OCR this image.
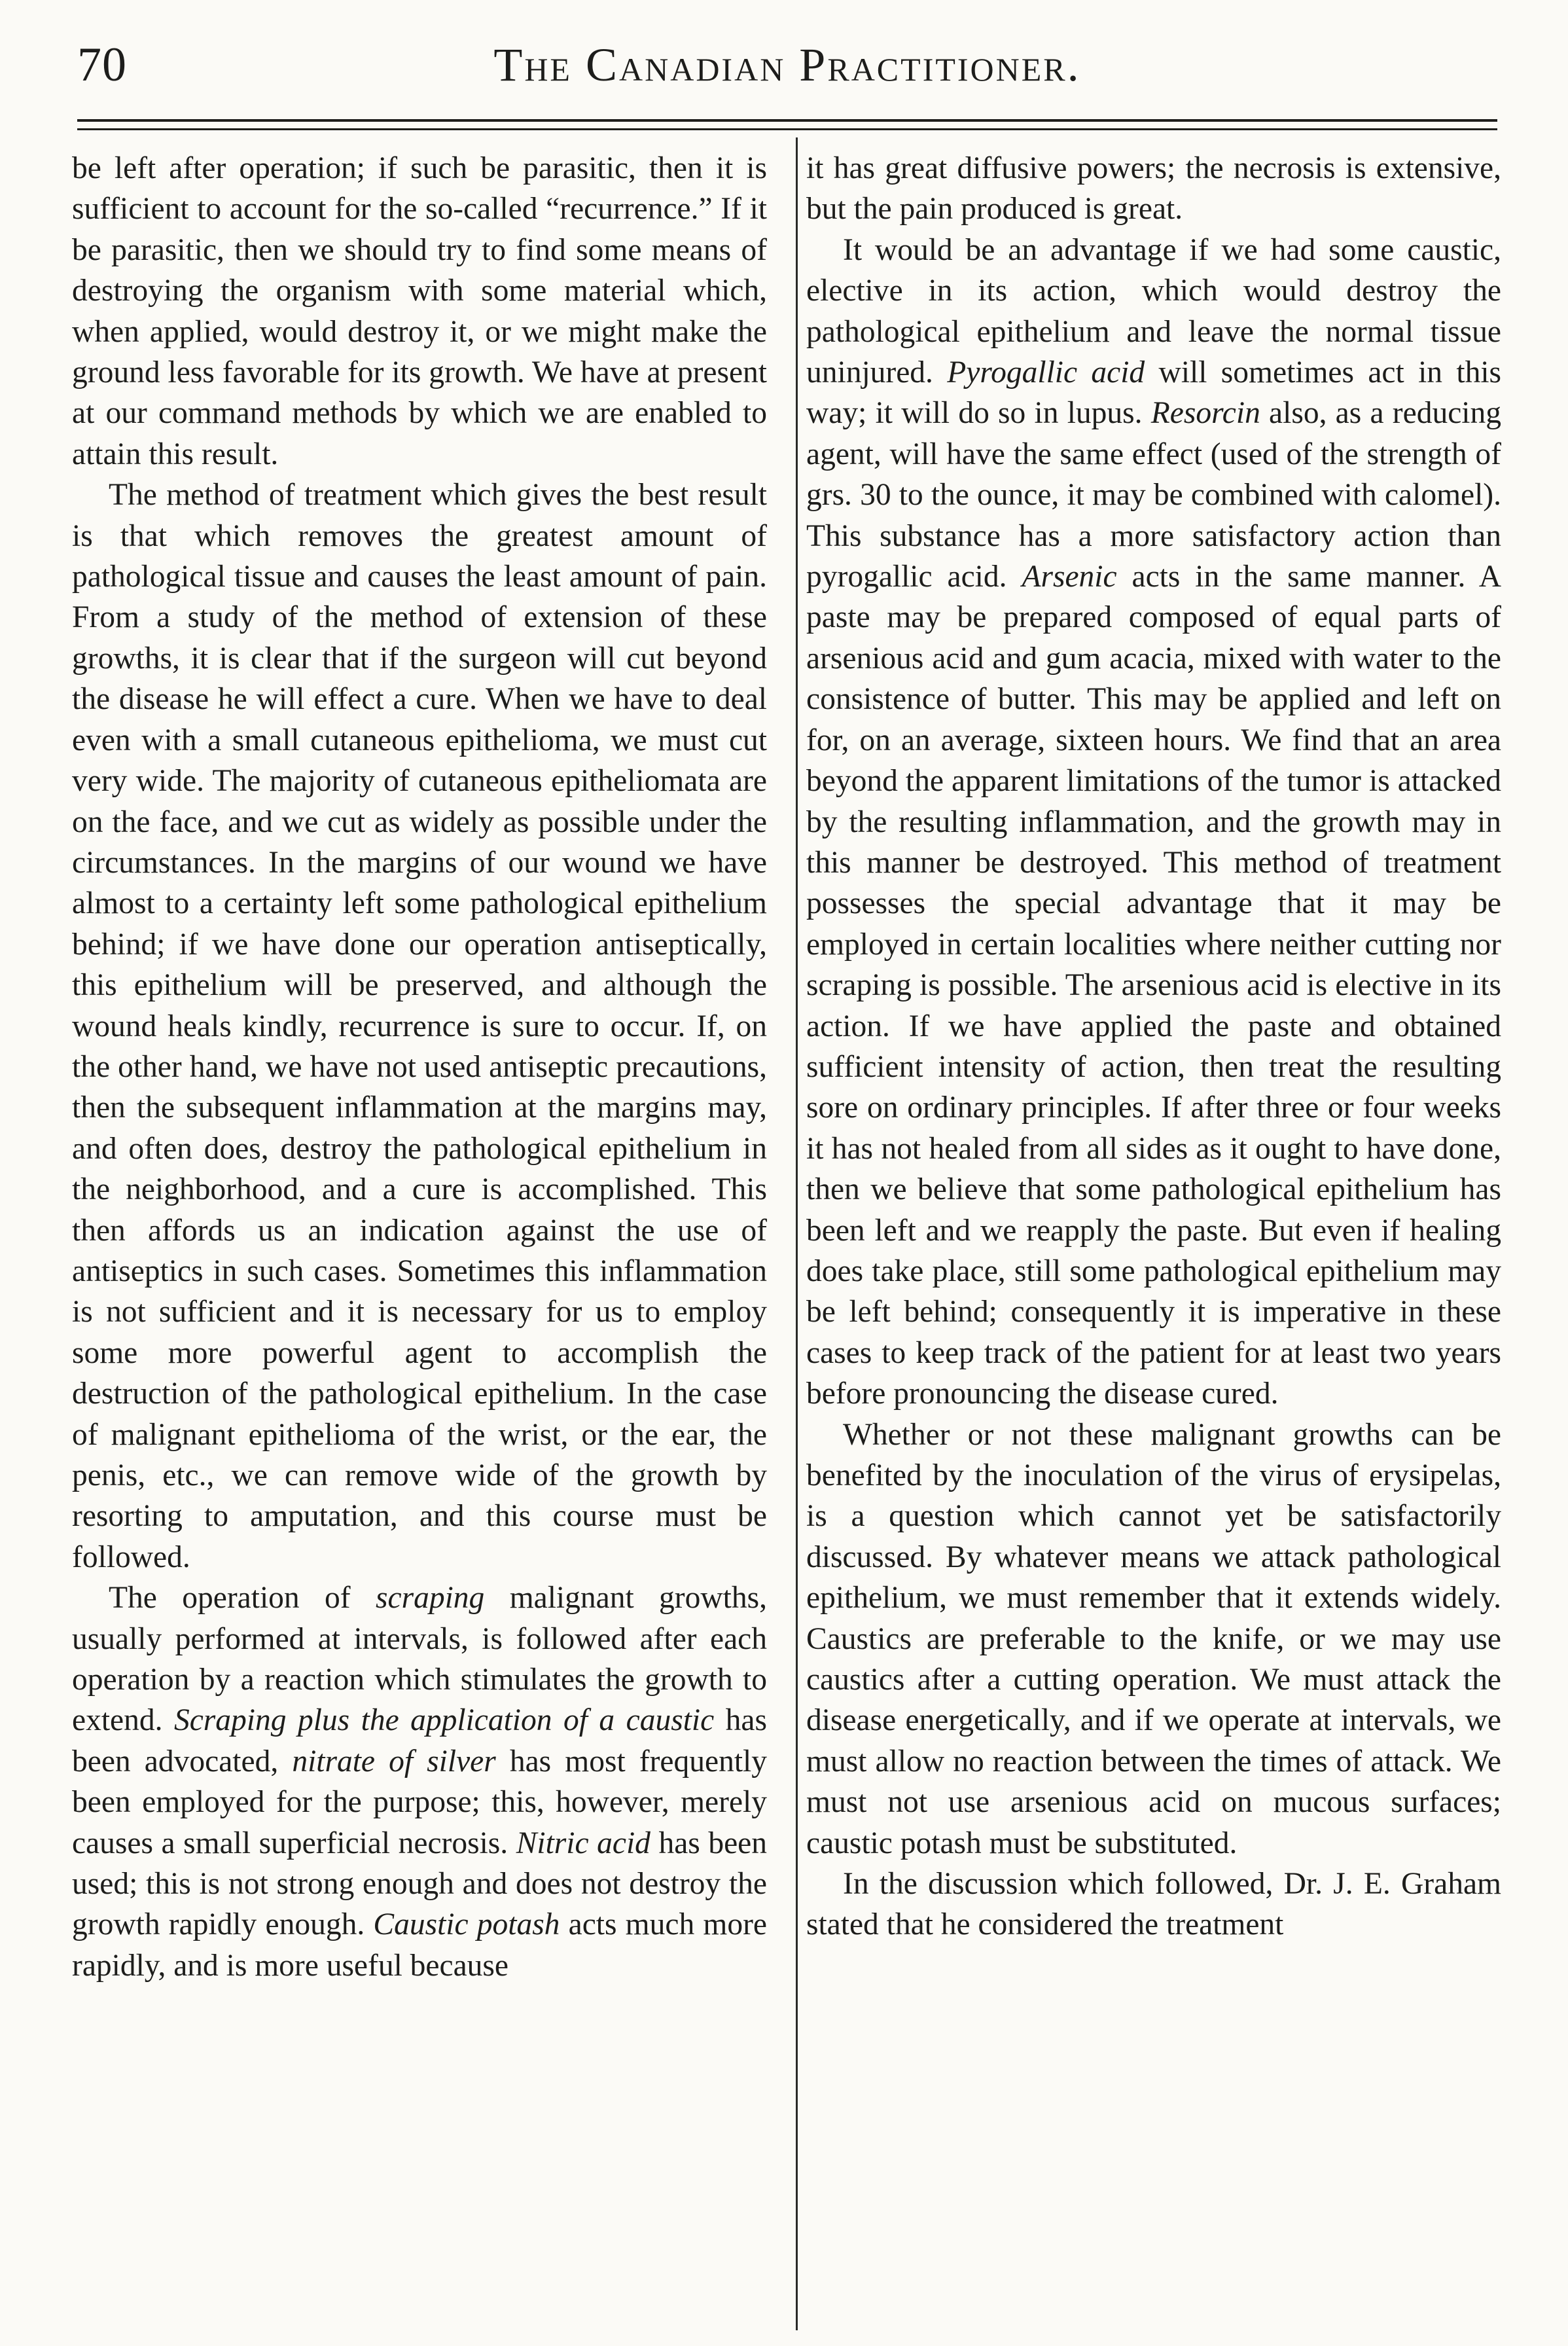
70	The Canadian Practitioner.

be left after operation; if such be parasitic, then it is sufficient to account for the so-called “recurrence.” If it be parasitic, then we should try to find some means of destroying the organism with some material which, when applied, would destroy it, or we might make the ground less favorable for its growth. We have at present at our command methods by which we are enabled to attain this result.

The method of treatment which gives the best result is that which removes the greatest amount of pathological tissue and causes the least amount of pain. From a study of the method of extension of these growths, it is clear that if the surgeon will cut beyond the disease he will effect a cure. When we have to deal even with a small cutaneous epithelioma, we must cut very wide. The majority of cutaneous epitheliomata are on the face, and we cut as widely as possible under the circumstances. In the margins of our wound we have almost to a certainty left some pathological epithelium behind; if we have done our operation antiseptically, this epithelium will be preserved, and although the wound heals kindly, recurrence is sure to occur. If, on the other hand, we have not used antiseptic precautions, then the subsequent inflammation at the margins may, and often does, destroy the pathological epithelium in the neighborhood, and a cure is accomplished. This then affords us an indication against the use of antiseptics in such cases. Sometimes this inflammation is not sufficient and it is necessary for us to employ some more powerful agent to accomplish the destruction of the pathological epithelium. In the case of malignant epithelioma of the wrist, or the ear, the penis, etc., we can remove wide of the growth by resorting to amputation, and this course must be followed.

The operation of scraping malignant growths, usually performed at intervals, is followed after each operation by a reaction which stimulates the growth to extend. Scraping plus the application of a caustic has been advocated, nitrate of silver has most frequently been employed for the purpose; this, however, merely causes a small superficial necrosis. Nitric acid has been used; this is not strong enough and does not destroy the growth rapidly enough. Caustic potash acts much more rapidly, and is more useful because

it has great diffusive powers; the necrosis is extensive, but the pain produced is great.

It would be an advantage if we had some caustic, elective in its action, which would destroy the pathological epithelium and leave the normal tissue uninjured. Pyrogallic acid will sometimes act in this way; it will do so in lupus. Resorcin also, as a reducing agent, will have the same effect (used of the strength of grs. 30 to the ounce, it may be combined with calomel). This substance has a more satisfactory action than pyrogallic acid. Arsenic acts in the same manner. A paste may be prepared composed of equal parts of arsenious acid and gum acacia, mixed with water to the consistence of butter. This may be applied and left on for, on an average, sixteen hours. We find that an area beyond the apparent limitations of the tumor is attacked by the resulting inflammation, and the growth may in this manner be destroyed. This method of treatment possesses the special advantage that it may be employed in certain localities where neither cutting nor scraping is possible. The arsenious acid is elective in its action. If we have applied the paste and obtained sufficient intensity of action, then treat the resulting sore on ordinary principles. If after three or four weeks it has not healed from all sides as it ought to have done, then we believe that some pathological epithelium has been left and we reapply the paste. But even if healing does take place, still some pathological epithelium may be left behind; consequently it is imperative in these cases to keep track of the patient for at least two years before pronouncing the disease cured.

Whether or not these malignant growths can be benefited by the inoculation of the virus of erysipelas, is a question which cannot yet be satisfactorily discussed. By whatever means we attack pathological epithelium, we must remember that it extends widely. Caustics are preferable to the knife, or we may use caustics after a cutting operation. We must attack the disease energetically, and if we operate at intervals, we must allow no reaction between the times of attack. We must not use arsenious acid on mucous surfaces; caustic potash must be substituted.

In the discussion which followed, Dr. J. E. Graham stated that he considered the treatment
